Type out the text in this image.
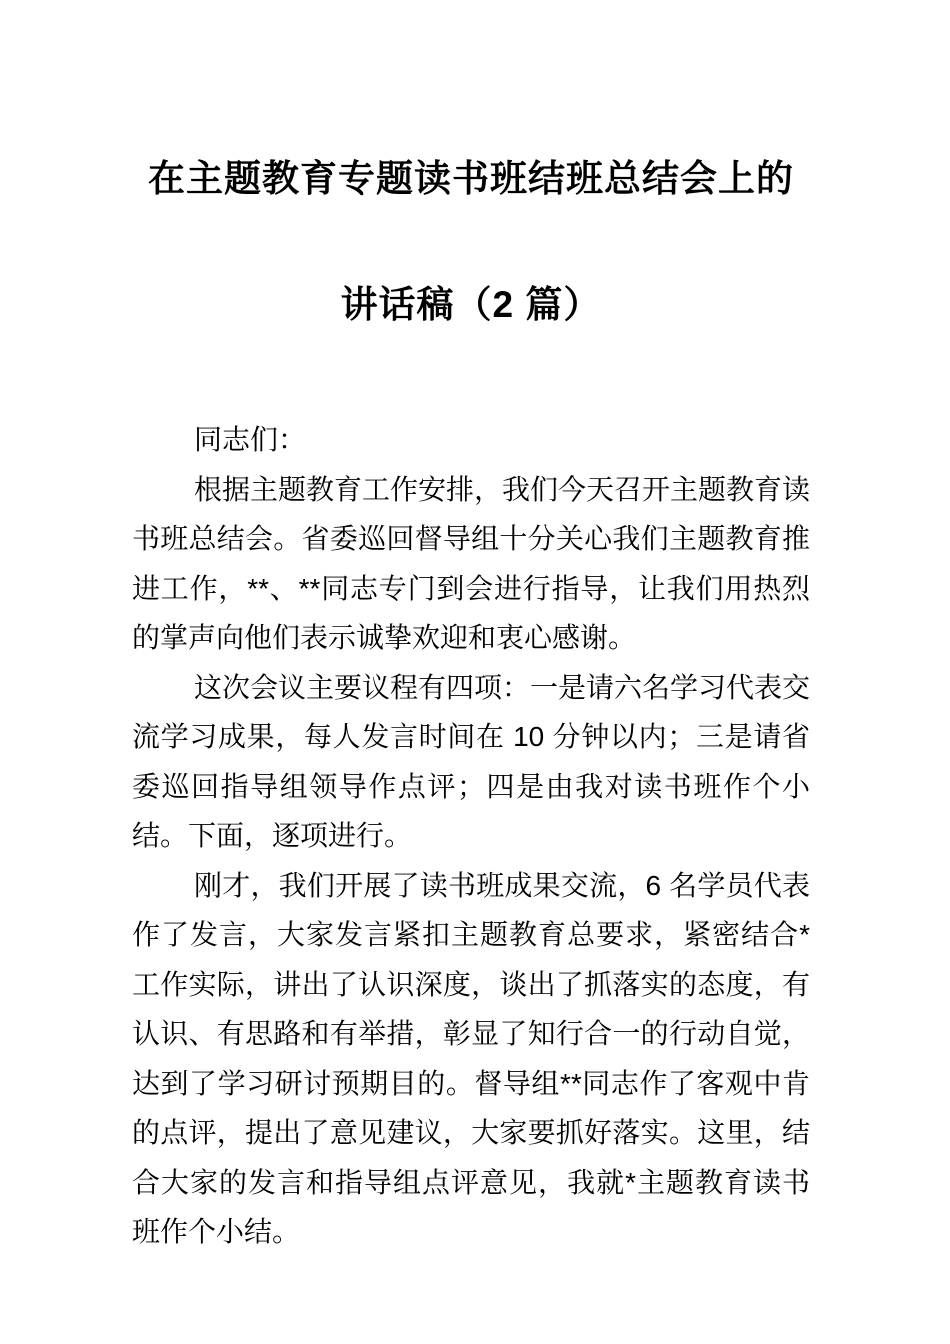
在主题教育专题读书班结班总结会上的讲话稿（2 篇）

同志们：

根据主题教育工作安排，我们今天召开主题教育读书班总结会。省委巡回督导组十分关心我们主题教育推进工作，**、**同志专门到会进行指导，让我们用热烈的掌声向他们表示诚挚欢迎和衷心感谢。

这次会议主要议程有四项：一是请六名学习代表交流学习成果，每人发言时间在 10 分钟以内；三是请省委巡回指导组领导作点评；四是由我对读书班作个小结。下面，逐项进行。

刚才，我们开展了读书班成果交流，6 名学员代表作了发言，大家发言紧扣主题教育总要求，紧密结合*工作实际，讲出了认识深度，谈出了抓落实的态度，有认识、有思路和有举措，彰显了知行合一的行动自觉，达到了学习研讨预期目的。督导组**同志作了客观中肯的点评，提出了意见建议，大家要抓好落实。这里，结合大家的发言和指导组点评意见，我就*主题教育读书班作个小结。
